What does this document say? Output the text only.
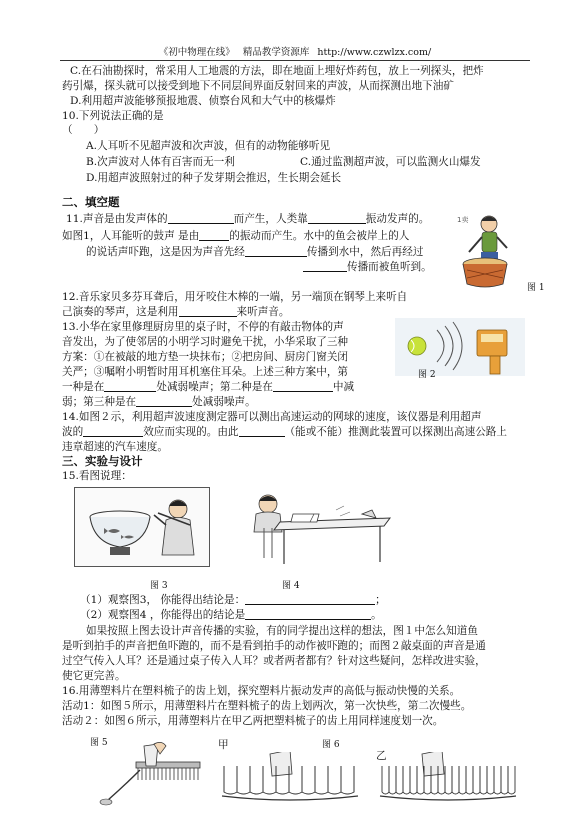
《初中物理在线》 精品教学资源库 http://www.czwlzx.com/
C.在石油勘探时，常采用人工地震的方法，即在地面上埋好炸药包，放上一列探头，把炸
药引爆，探头就可以接受到地下不同层间界面反射回来的声波，从而探测出地下油矿
D.利用超声波能够预报地震、侦察台风和大气中的核爆炸
10.下列说法正确的是
（　　）
A.人耳听不见超声波和次声波，但有的动物能够听见
B.次声波对人体有百害而无一利	C.通过监测超声波，可以监测火山爆发
D.用超声波照射过的种子发芽期会推迟，生长期会延长
二、填空题
11.声音是由发声体的	而产生，人类靠	振动发声的。
如图1，人耳能听的鼓声 是由	的振动而产生。水中的鱼会被岸上的人
的说话声吓跑，这是因为声音先经	传播到水中，然后再经过
传播而被鱼听到。
1卖
图 1
12.音乐家贝多芬耳聋后，用牙咬住木棒的一端，另一端顶在钢琴上来听自
己演奏的琴声，这是利用	来听声音。
13.小华在家里修理厨房里的桌子时，不停的有敲击物体的声
音发出，为了使邻居的小明学习时避免干扰，小华采取了三种
方案：①在被敲的地方垫一块抹布；②把房间、厨房门窗关闭
关严；③嘱咐小明暂时用耳机塞住耳朵。上述三种方案中，第
一种是在	处减弱噪声；第二种是在	中减
弱；第三种是在	处减弱噪声。
图 2
14.如图２示，利用超声波速度测定器可以测出高速运动的网球的速度，该仪器是利用超声
波的	效应而实现的。由此	（能或不能）推测此装置可以探测出高速公路上
违章超速的汽车速度。
三、实验与设计
15.看图说理：
图 3	图 4
（1）观察图3， 你能得出结论是：	；
（2）观察图4 ，你能得出的结论是	。
如果按照上图去设计声音传播的实验，有的同学提出这样的想法，图１中怎么知道鱼
是听到拍手的声音把鱼吓跑的，而不是看到拍手的动作被吓跑的；而图２敲桌面的声音是通
过空气传入人耳？还是通过桌子传入人耳？或者两者都有？针对这些疑问，怎样改进实验，
使它更完善。
16.用薄塑料片在塑料梳子的齿上划，探究塑料片振动发声的高低与振动快慢的关系。
活动1：如图５所示，用薄塑料片在塑料梳子的齿上划两次，第一次快些，第二次慢些。
活动２：如图６所示，用薄塑料片在甲乙两把塑料梳子的齿上用同样速度划一次。
图 5	甲	图 6
乙
